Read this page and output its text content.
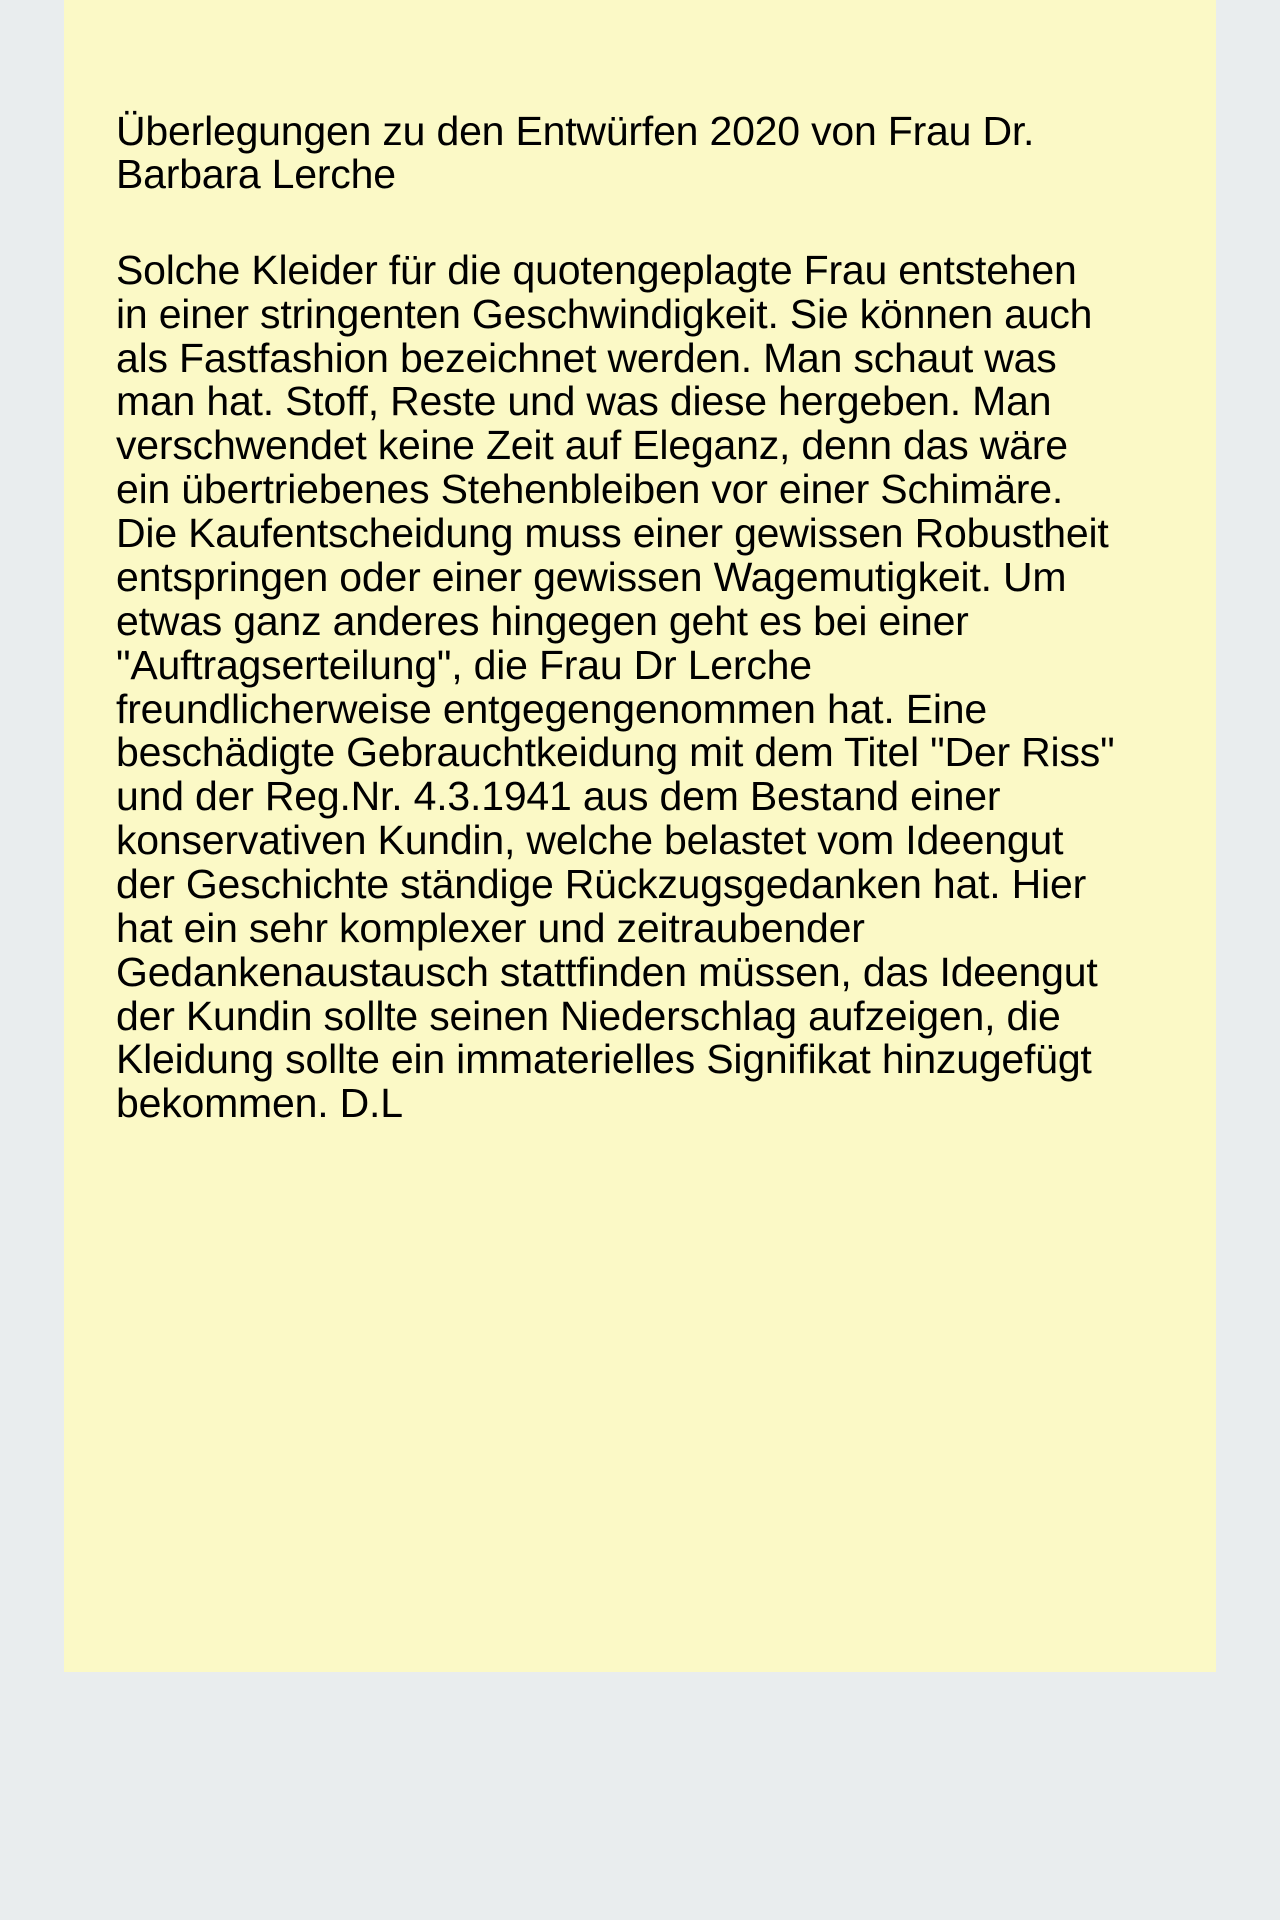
Überlegungen zu den Entwürfen 2020 von Frau Dr. Barbara Lerche

Solche Kleider für die quotengeplagte Frau entstehen in einer stringenten Geschwindigkeit. Sie können auch als Fastfashion bezeichnet werden. Man schaut was man hat. Stoff, Reste und was diese hergeben. Man verschwendet keine Zeit auf Eleganz, denn das wäre ein übertriebenes Stehenbleiben vor einer Schimäre. Die Kaufentscheidung muss einer gewissen Robustheit entspringen oder einer gewissen Wagemutigkeit. Um etwas ganz anderes hingegen geht es bei einer "Auftragserteilung", die Frau Dr Lerche freundlicherweise entgegengenommen hat. Eine beschädigte Gebrauchtkeidung mit dem Titel "Der Riss" und der Reg.Nr. 4.3.1941 aus dem Bestand einer konservativen Kundin, welche belastet vom Ideengut der Geschichte ständige Rückzugsgedanken hat. Hier hat ein sehr komplexer und zeitraubender Gedankenaustausch stattfinden müssen, das Ideengut der Kundin sollte seinen Niederschlag aufzeigen, die Kleidung sollte ein immaterielles Signifikat hinzugefügt bekommen. D.L
